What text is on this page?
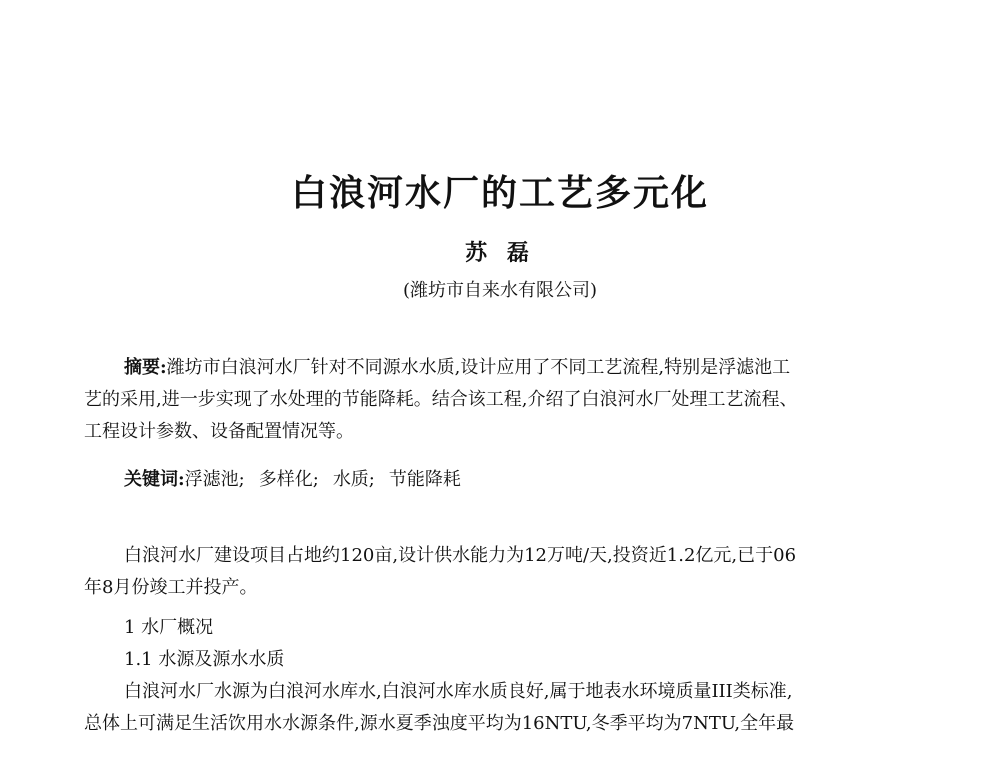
白浪河水厂的工艺多元化
苏 磊
(潍坊市自来水有限公司)
摘要:潍坊市白浪河水厂针对不同源水水质,设计应用了不同工艺流程,特别是浮滤池工
艺的采用,进一步实现了水处理的节能降耗。结合该工程,介绍了白浪河水厂处理工艺流程、
工程设计参数、设备配置情况等。
关键词:浮滤池; 多样化; 水质; 节能降耗
白浪河水厂建设项目占地约120亩,设计供水能力为12万吨/天,投资近1.2亿元,已于06
年8月份竣工并投产。
1 水厂概况
1.1 水源及源水水质
白浪河水厂水源为白浪河水库水,白浪河水库水质良好,属于地表水环境质量III类标准,
总体上可满足生活饮用水水源条件,源水夏季浊度平均为16NTU,冬季平均为7NTU,全年最
